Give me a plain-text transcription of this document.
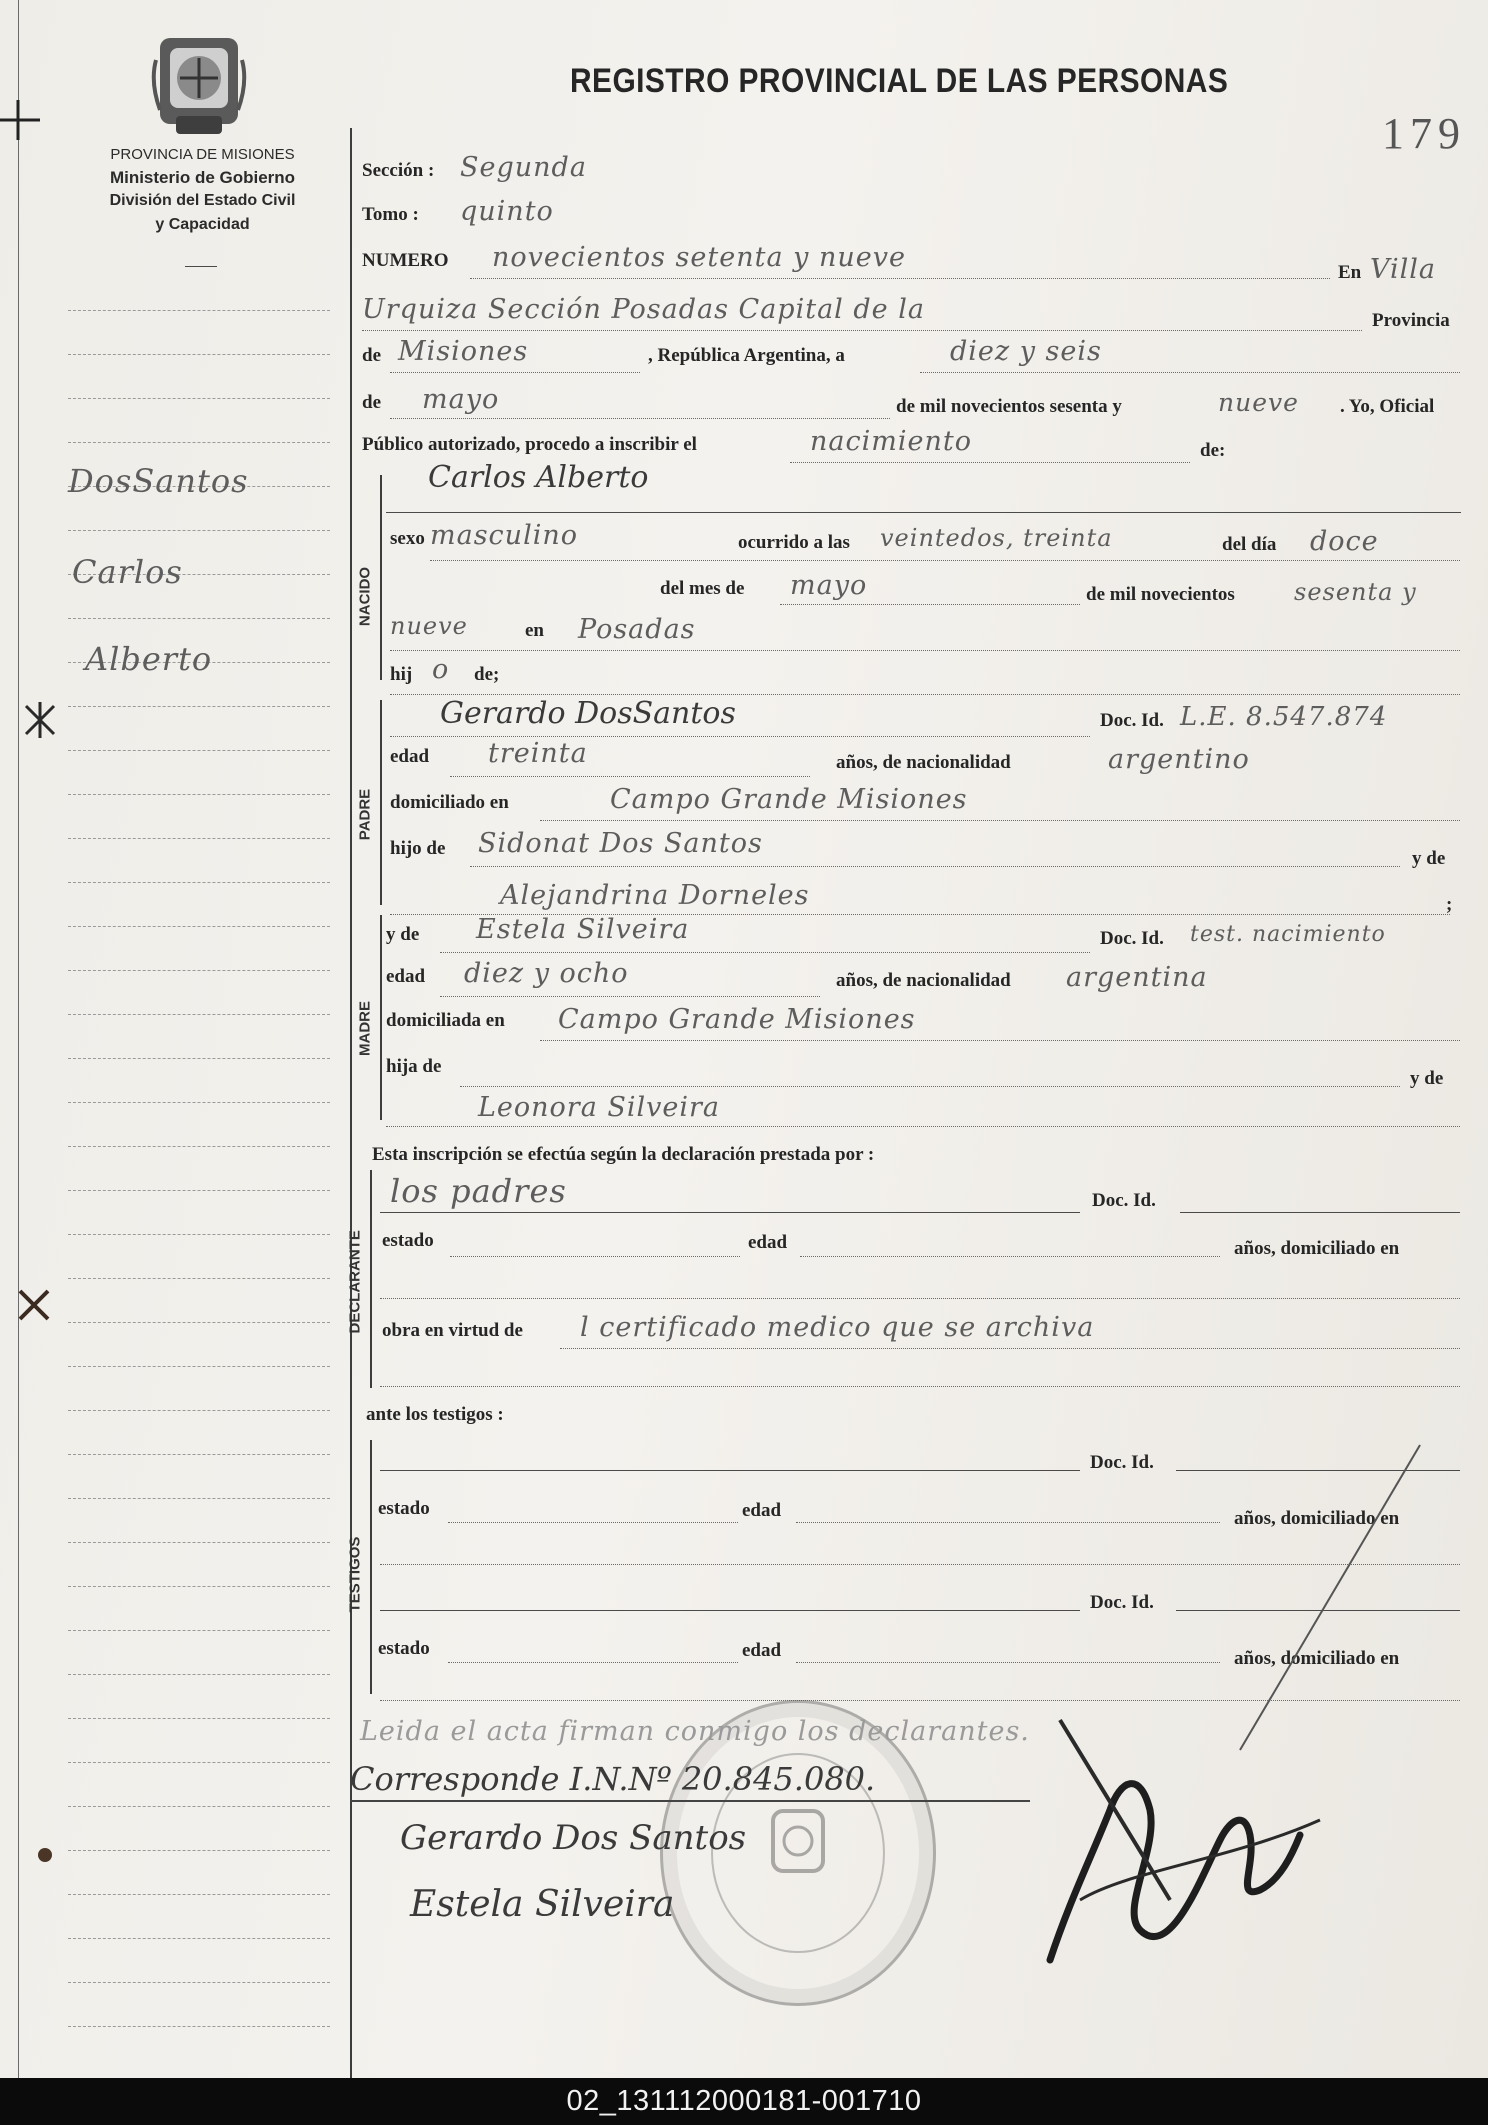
PROVINCIA DE MISIONES
Ministerio de Gobierno
División del Estado Civil
y Capacidad
REGISTRO PROVINCIAL DE LAS PERSONAS
179
DosSantos
Carlos
Alberto
Sección : Segunda
Tomo : quinto
NUMERO novecientos setenta y nueve	En Villa
Urquiza Sección Posadas Capital de la	Provincia
de Misiones	, República Argentina, a	diez y seis
de mayo	de mil novecientos sesenta y	nueve . Yo, Oficial
Público autorizado, procedo a inscribir el	nacimiento	de:
Carlos Alberto
NACIDO
sexo masculino	ocurrido a las veintedos, treinta	del día doce
del mes de mayo	de mil novecientos sesenta y
nueve	en Posadas
hij o de;
PADRE
Gerardo DosSantos	Doc. Id. L.E. 8.547.874
edad treinta	años, de nacionalidad	argentino
domiciliado en	Campo Grande Misiones
hijo de Sidonat Dos Santos	y de
Alejandrina Dorneles	;
MADRE
y de Estela Silveira	Doc. Id. test. nacimiento
edad diez y ocho	años, de nacionalidad argentina
domiciliada en Campo Grande Misiones
hija de
y de
Leonora Silveira
Esta inscripción se efectúa según la declaración prestada por :
DECLARANTE
los padres	Doc. Id.
estado	edad	años, domiciliado en
obra en virtud de l certificado medico que se archiva
ante los testigos :
TESTIGOS
Doc. Id.
estado	edad	años, domiciliado en
Doc. Id.
estado	edad	años, domiciliado en
Leida el acta firman conmigo los declarantes.
Corresponde I.N.Nº 20.845.080.
Gerardo Dos Santos
Estela Silveira
02_131112000181-001710
